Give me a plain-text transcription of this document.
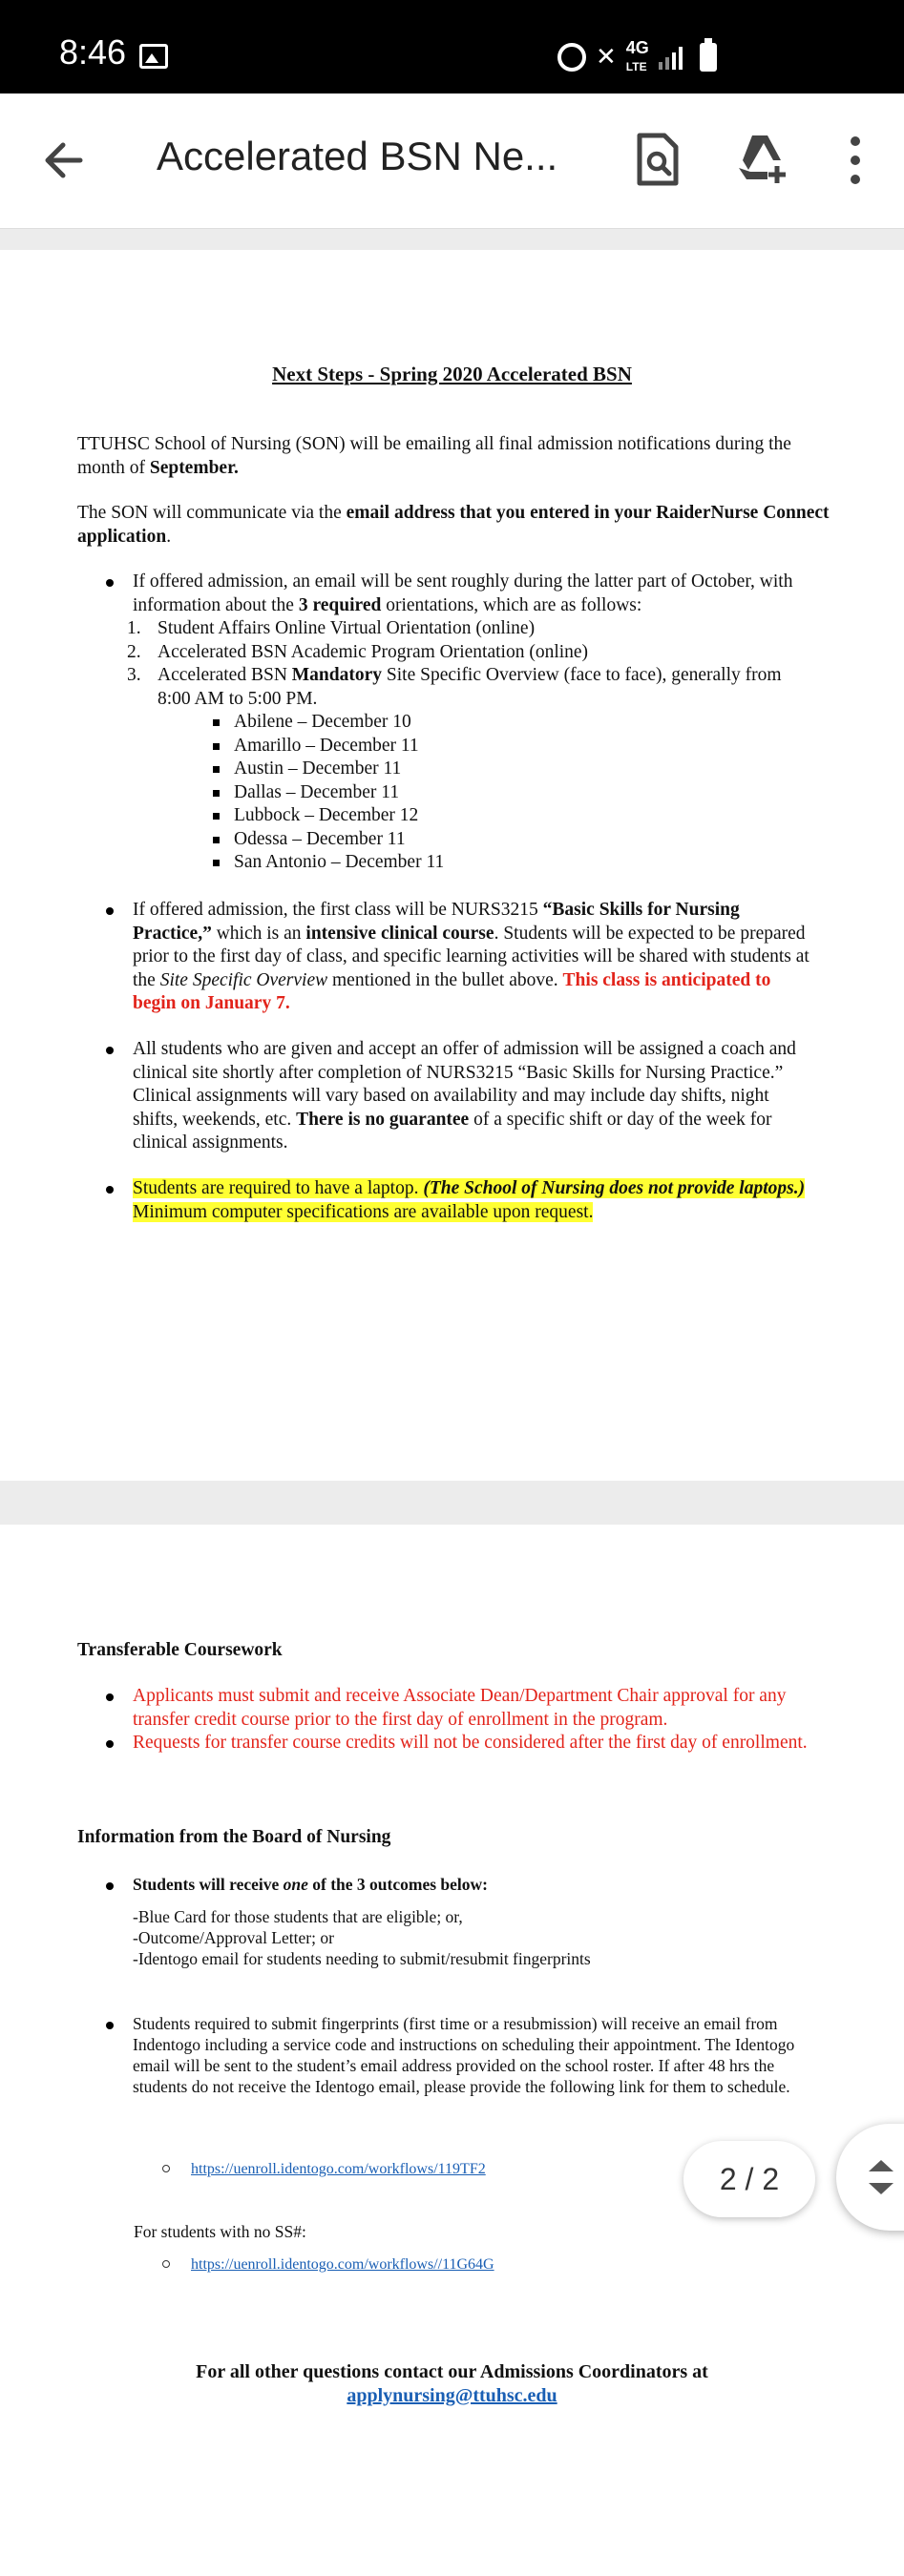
8:46	✕ 4G
LTE
Accelerated BSN Ne...
Next Steps - Spring 2020 Accelerated BSN
TTUHSC School of Nursing (SON) will be emailing all final admission notifications during the month of September.
The SON will communicate via the email address that you entered in your RaiderNurse Connect application.
If offered admission, an email will be sent roughly during the latter part of October, with information about the 3 required orientations, which are as follows:
1. Student Affairs Online Virtual Orientation (online)
2. Accelerated BSN Academic Program Orientation (online)
3. Accelerated BSN Mandatory Site Specific Overview (face to face), generally from 8:00 AM to 5:00 PM.
Abilene – December 10
Amarillo – December 11
Austin – December 11
Dallas – December 11
Lubbock – December 12
Odessa – December 11
San Antonio – December 11
If offered admission, the first class will be NURS3215 “Basic Skills for Nursing Practice,” which is an intensive clinical course. Students will be expected to be prepared prior to the first day of class, and specific learning activities will be shared with students at the Site Specific Overview mentioned in the bullet above. This class is anticipated to begin on January 7.
All students who are given and accept an offer of admission will be assigned a coach and clinical site shortly after completion of NURS3215 “Basic Skills for Nursing Practice.” Clinical assignments will vary based on availability and may include day shifts, night shifts, weekends, etc. There is no guarantee of a specific shift or day of the week for clinical assignments.
Students are required to have a laptop. (The School of Nursing does not provide laptops.) Minimum computer specifications are available upon request.
Transferable Coursework
Applicants must submit and receive Associate Dean/Department Chair approval for any transfer credit course prior to the first day of enrollment in the program.
Requests for transfer course credits will not be considered after the first day of enrollment.
Information from the Board of Nursing
Students will receive one of the 3 outcomes below:
-Blue Card for those students that are eligible; or,
-Outcome/Approval Letter; or
-Identogo email for students needing to submit/resubmit fingerprints
Students required to submit fingerprints (first time or a resubmission) will receive an email from Indentogo including a service code and instructions on scheduling their appointment. The Identogo email will be sent to the student’s email address provided on the school roster. If after 48 hrs the students do not receive the Identogo email, please provide the following link for them to schedule.
https://uenroll.identogo.com/workflows/119TF2
For students with no SS#:
https://uenroll.identogo.com/workflows//11G64G
For all other questions contact our Admissions Coordinators at
applynursing@ttuhsc.edu
2 / 2
